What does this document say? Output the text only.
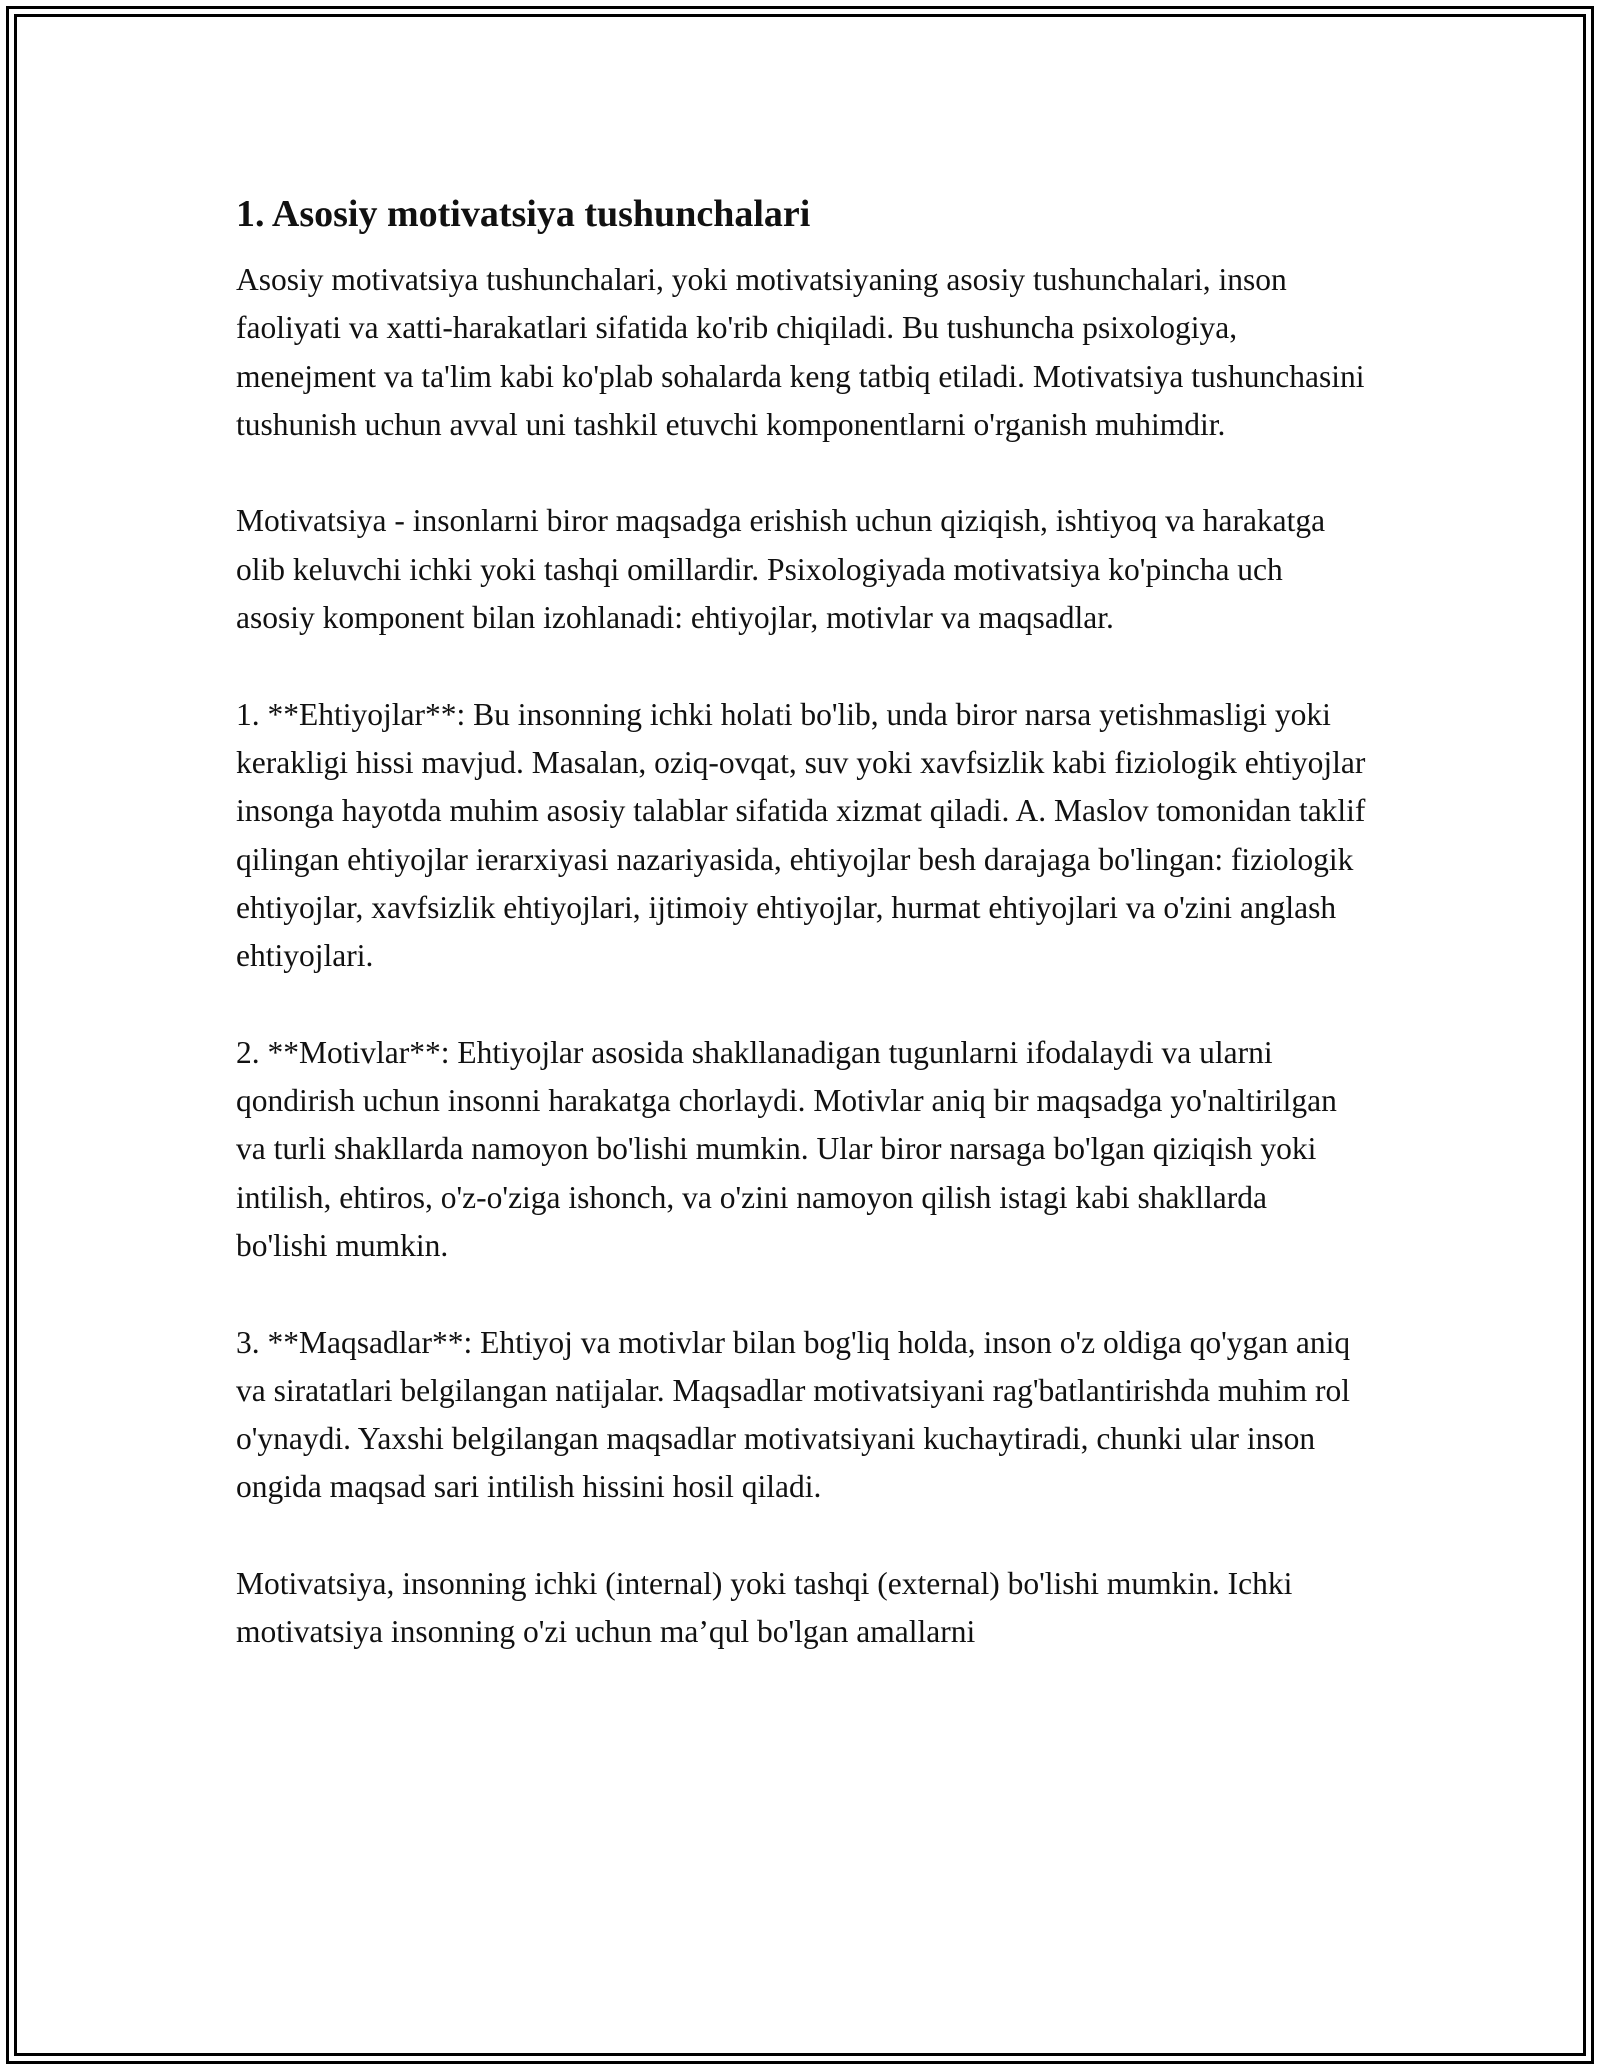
1. Asosiy motivatsiya tushunchalari

Asosiy motivatsiya tushunchalari, yoki motivatsiyaning asosiy tushunchalari, inson faoliyati va xatti-harakatlari sifatida ko'rib chiqiladi. Bu tushuncha psixologiya, menejment va ta'lim kabi ko'plab sohalarda keng tatbiq etiladi. Motivatsiya tushunchasini tushunish uchun avval uni tashkil etuvchi komponentlarni o'rganish muhimdir.

Motivatsiya - insonlarni biror maqsadga erishish uchun qiziqish, ishtiyoq va harakatga olib keluvchi ichki yoki tashqi omillardir. Psixologiyada motivatsiya ko'pincha uch asosiy komponent bilan izohlanadi: ehtiyojlar, motivlar va maqsadlar.

1. **Ehtiyojlar**: Bu insonning ichki holati bo'lib, unda biror narsa yetishmasligi yoki kerakligi hissi mavjud. Masalan, oziq-ovqat, suv yoki xavfsizlik kabi fiziologik ehtiyojlar insonga hayotda muhim asosiy talablar sifatida xizmat qiladi. A. Maslov tomonidan taklif qilingan ehtiyojlar ierarxiyasi nazariyasida, ehtiyojlar besh darajaga bo'lingan: fiziologik ehtiyojlar, xavfsizlik ehtiyojlari, ijtimoiy ehtiyojlar, hurmat ehtiyojlari va o'zini anglash ehtiyojlari.

2. **Motivlar**: Ehtiyojlar asosida shakllanadigan tugunlarni ifodalaydi va ularni qondirish uchun insonni harakatga chorlaydi. Motivlar aniq bir maqsadga yo'naltirilgan va turli shakllarda namoyon bo'lishi mumkin. Ular biror narsaga bo'lgan qiziqish yoki intilish, ehtiros, o'z-o'ziga ishonch, va o'zini namoyon qilish istagi kabi shakllarda bo'lishi mumkin.

3. **Maqsadlar**: Ehtiyoj va motivlar bilan bog'liq holda, inson o'z oldiga qo'ygan aniq va siratatlari belgilangan natijalar. Maqsadlar motivatsiyani rag'batlantirishda muhim rol o'ynaydi. Yaxshi belgilangan maqsadlar motivatsiyani kuchaytiradi, chunki ular inson ongida maqsad sari intilish hissini hosil qiladi.

Motivatsiya, insonning ichki (internal) yoki tashqi (external) bo'lishi mumkin. Ichki motivatsiya insonning o'zi uchun ma’qul bo'lgan amallarni
